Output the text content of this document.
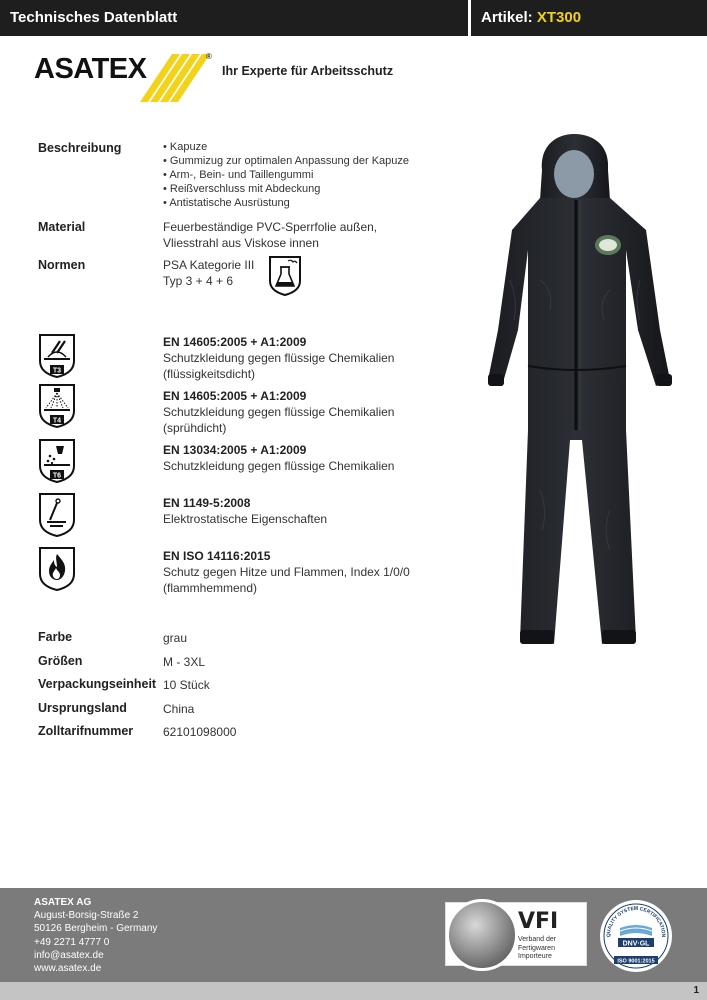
Technisches Datenblatt	Artikel: XT300
ASATEX	®
Ihr Experte für Arbeitsschutz
Beschreibung
•	Kapuze
• Gummizug zur optimalen Anpassung der Kapuze
• Arm-, Bein- und Taillengummi
• Reißverschluss mit Abdeckung
• Antistatische Ausrüstung
Material	Feuerbeständige PVC-Sperrfolie außen,
Vliesstrahl aus Viskose innen
Normen	PSA Kategorie III
Typ 3 + 4 + 6
T3
EN 14605:2005 + A1:2009
Schutzkleidung gegen flüssige Chemikalien
(flüssigkeitsdicht)
T4
EN 14605:2005 + A1:2009
Schutzkleidung gegen flüssige Chemikalien
(sprühdicht)
T6
EN 13034:2005 + A1:2009
Schutzkleidung gegen flüssige Chemikalien
EN 1149-5:2008
Elektrostatische Eigenschaften
EN ISO 14116:2015
Schutz gegen Hitze und Flammen, Index 1/0/0
(flammhemmend)
Farbe	grau
Größen	M - 3XL
Verpackungseinheit 10 Stück
Ursprungsland	China
Zolltarifnummer 62101098000
ASATEX AG
August-Borsig-Straße 2
50126 Bergheim - Germany
+49 2271 4777 0
info@asatex.de
www.asatex.de
VFI
Verband der
Fertigwaren
Importeure
QUALITY SYSTEM CERTIFICATION
DNV·GL
ISO 9001:2015
1
